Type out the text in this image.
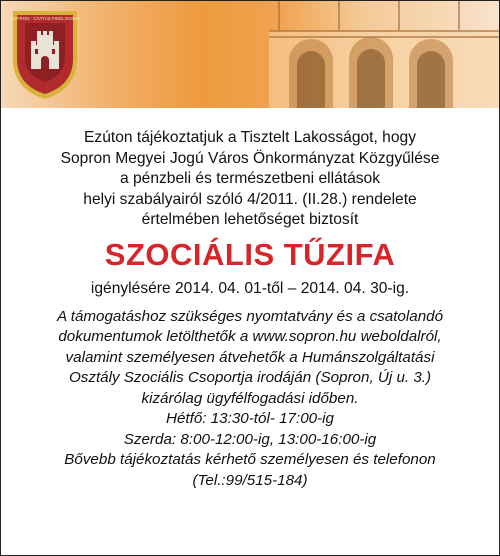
SOPRON · CIVITAS FIDELISSIMA
Ezúton tájékoztatjuk a Tisztelt Lakosságot, hogy
Sopron Megyei Jogú Város Önkormányzat Közgyűlése
a pénzbeli és természetbeni ellátások
helyi szabályairól szóló 4/2011. (II.28.) rendelete
értelmében lehetőséget biztosít
SZOCIÁLIS TŰZIFA
igénylésére 2014. 04. 01-től – 2014. 04. 30-ig.
A támogatáshoz szükséges nyomtatvány és a csatolandó
dokumentumok letölthetők a www.sopron.hu weboldalról,
valamint személyesen átvehetők a Humánszolgáltatási
Osztály Szociális Csoportja irodáján (Sopron, Új u. 3.)
kizárólag ügyfélfogadási időben.
Hétfő: 13:30-tól- 17:00-ig
Szerda: 8:00-12:00-ig, 13:00-16:00-ig
Bővebb tájékoztatás kérhető személyesen és telefonon
(Tel.:99/515-184)
